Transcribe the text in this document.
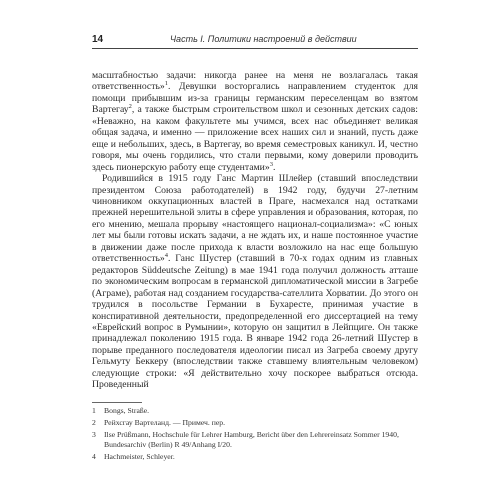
14	Часть I. Политики настроений в действии

масштабностью задачи: никогда ранее на меня не возлагалась такая ответственность»$^1$. Девушки восторгались направлением студенток для помощи прибывшим из-за границы германским переселенцам во взятом Вартегау$^2$, а также быстрым строительством школ и сезонных детских садов: «Неважно, на каком факультете мы учимся, всех нас объединяет великая общая задача, и именно — приложение всех наших сил и знаний, пусть даже еще и небольших, здесь, в Вартегау, во время семестровых каникул. И, честно говоря, мы очень гордились, что стали первыми, кому доверили проводить здесь пионерскую работу еще студентами»$^3$.

Родившийся в 1915 году Ганс Мартин Шлейер (ставший впоследствии президентом Союза работодателей) в 1942 году, будучи 27-летним чиновником оккупационных властей в Праге, насмехался над остатками прежней нерешительной элиты в сфере управления и образования, которая, по его мнению, мешала прорыву «настоящего национал-социализма»: «С юных лет мы были готовы искать задачи, а не ждать их, и наше постоянное участие в движении даже после прихода к власти возложило на нас еще большую ответственность»$^4$. Ганс Шустер (ставший в 70-х годах одним из главных редакторов Süddeutsche Zeitung) в мае 1941 года получил должность атташе по экономическим вопросам в германской дипломатической миссии в Загребе (Аграме), работая над созданием государства-сателлита Хорватии. До этого он трудился в посольстве Германии в Бухаресте, принимая участие в конспиративной деятельности, предопределенной его диссертацией на тему «Еврейский вопрос в Румынии», которую он защитил в Лейпциге. Он также принадлежал поколению 1915 года. В январе 1942 года 26-летний Шустер в порыве преданного последователя идеологии писал из Загреба своему другу Гельмуту Беккеру (впоследствии также ставшему влиятельным человеком) следующие строки: «Я действительно хочу поскорее выбраться отсюда. Проведенный

1	Bongs, Straße.
2	Рейхсгау Вартеланд. — Примеч. пер.
3	Ilse Prüßmann, Hochschule für Lehrer Hamburg, Bericht über den Lehrereinsatz Sommer 1940, Bundesarchiv (Berlin) R 49/Anhang I/20.
4	Hachmeister, Schleyer.
